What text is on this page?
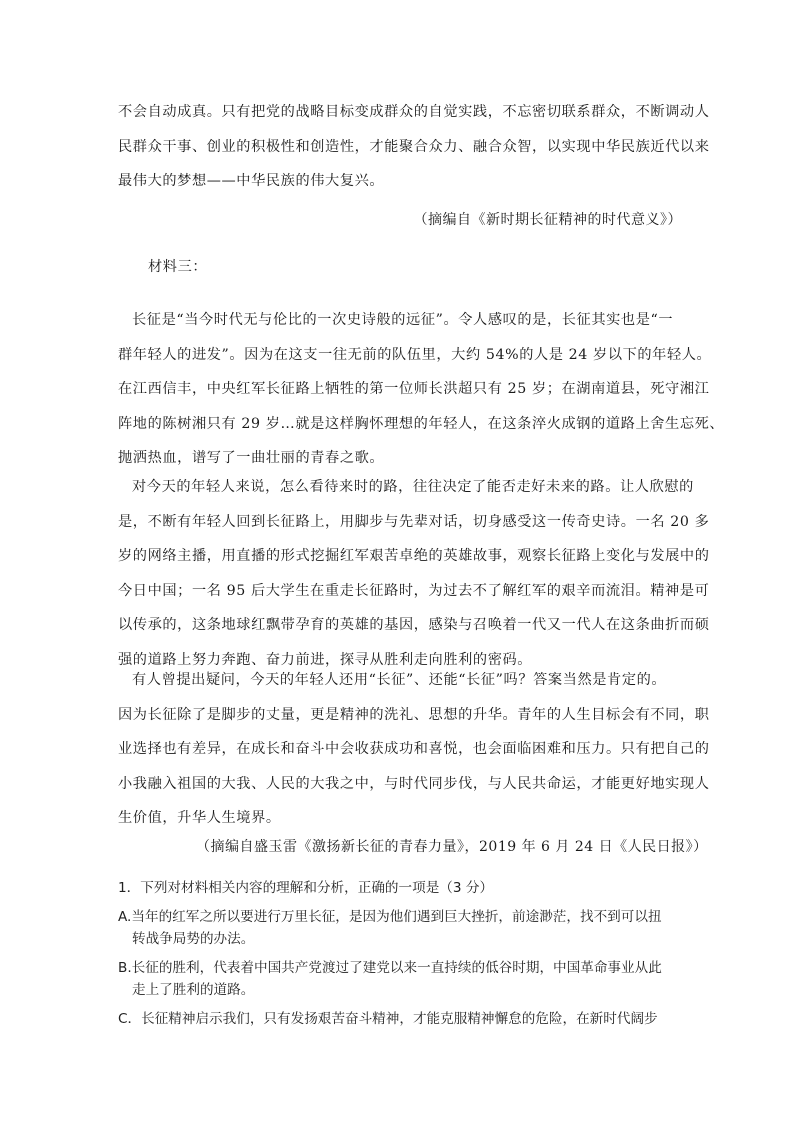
不会自动成真。只有把党的战略目标变成群众的自觉实践，不忘密切联系群众，不断调动人
民群众干事、创业的积极性和创造性，才能聚合众力、融合众智，以实现中华民族近代以来
最伟大的梦想——中华民族的伟大复兴。
（摘编自《新时期长征精神的时代意义》）
材料三：
长征是“当今时代无与伦比的一次史诗般的远征”。令人感叹的是，长征其实也是“一
群年轻人的进发”。因为在这支一往无前的队伍里，大约 54%的人是 24 岁以下的年轻人。
在江西信丰，中央红军长征路上牺牲的第一位师长洪超只有 25 岁；在湖南道县，死守湘江
阵地的陈树湘只有 29 岁…就是这样胸怀理想的年轻人，在这条淬火成钢的道路上舍生忘死、
抛洒热血，谱写了一曲壮丽的青春之歌。
对今天的年轻人来说，怎么看待来时的路，往往决定了能否走好未来的路。让人欣慰的
是，不断有年轻人回到长征路上，用脚步与先辈对话，切身感受这一传奇史诗。一名 20 多
岁的网络主播，用直播的形式挖掘红军艰苦卓绝的英雄故事，观察长征路上变化与发展中的
今日中国；一名 95 后大学生在重走长征路时，为过去不了解红军的艰辛而流泪。精神是可
以传承的，这条地球红飘带孕育的英雄的基因，感染与召唤着一代又一代人在这条曲折而硕
强的道路上努力奔跑、奋力前进，探寻从胜利走向胜利的密码。
有人曾提出疑问，今天的年轻人还用“长征”、还能“长征”吗？答案当然是肯定的。
因为长征除了是脚步的丈量，更是精神的洗礼、思想的升华。青年的人生目标会有不同，职
业选择也有差异，在成长和奋斗中会收获成功和喜悦，也会面临困难和压力。只有把自己的
小我融入祖国的大我、人民的大我之中，与时代同步伐，与人民共命运，才能更好地实现人
生价值，升华人生境界。
（摘编自盛玉雷《激扬新长征的青春力量》，2019 年 6 月 24 日《人民日报》）
1．下列对材料相关内容的理解和分析，正确的一项是（3 分）
A.当年的红军之所以要进行万里长征，是因为他们遇到巨大挫折，前途渺茫，找不到可以扭
转战争局势的办法。
B.长征的胜利，代表着中国共产党渡过了建党以来一直持续的低谷时期，中国革命事业从此
走上了胜利的道路。
C．长征精神启示我们，只有发扬艰苦奋斗精神，才能克服精神懈怠的危险，在新时代阔步
